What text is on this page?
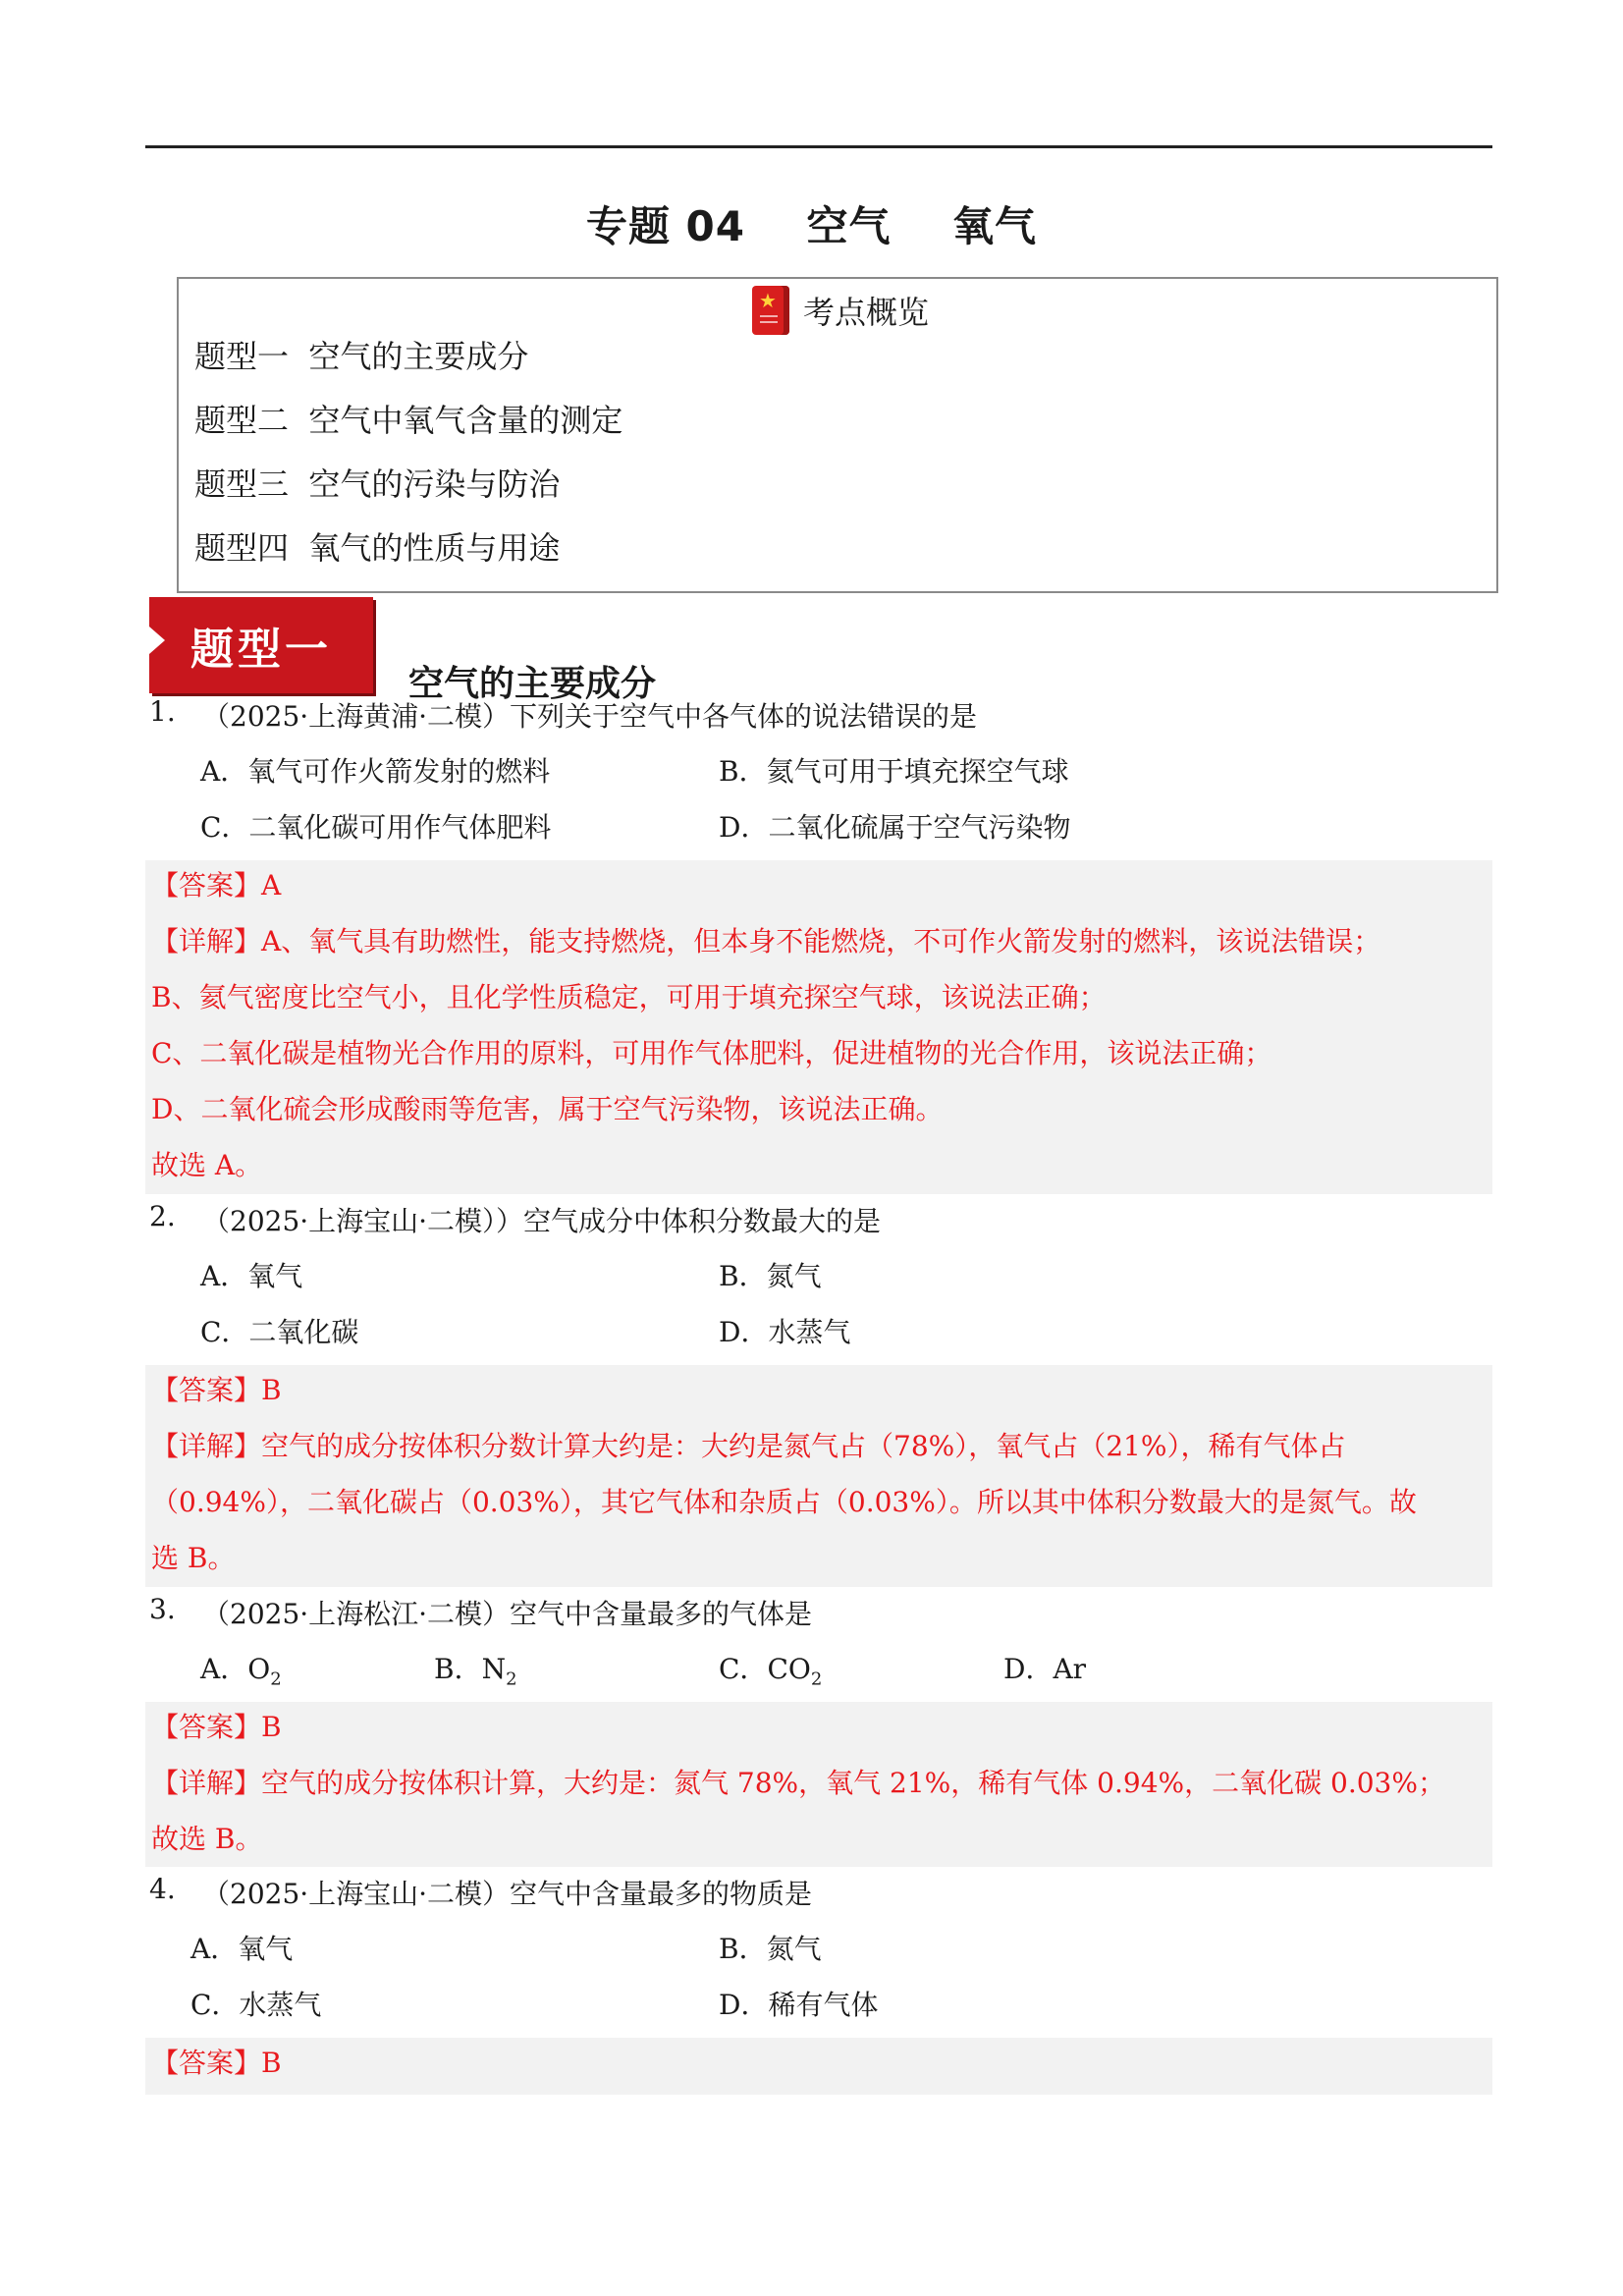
专题 04 空气 氧气
★ 考点概览
题型一  空气的主要成分
题型二  空气中氧气含量的测定
题型三  空气的污染与防治
题型四  氧气的性质与用途
题型一
空气的主要成分
1. （2025·上海黄浦·二模）下列关于空气中各气体的说法错误的是
A．氧气可作火箭发射的燃料	B．氦气可用于填充探空气球
C．二氧化碳可用作气体肥料	D．二氧化硫属于空气污染物
【答案】A
【详解】A、氧气具有助燃性，能支持燃烧，但本身不能燃烧，不可作火箭发射的燃料，该说法错误；
B、氦气密度比空气小，且化学性质稳定，可用于填充探空气球，该说法正确；
C、二氧化碳是植物光合作用的原料，可用作气体肥料，促进植物的光合作用，该说法正确；
D、二氧化硫会形成酸雨等危害，属于空气污染物，该说法正确。
故选 A。
2. （2025·上海宝山·二模））空气成分中体积分数最大的是
A．氧气	B．氮气
C．二氧化碳	D．水蒸气
【答案】B
【详解】空气的成分按体积分数计算大约是：大约是氮气占（78%），氧气占（21%），稀有气体占
（0.94%），二氧化碳占（0.03%），其它气体和杂质占（0.03%）。所以其中体积分数最大的是氮气。故
选 B。
3. （2025·上海松江·二模）空气中含量最多的气体是
A．$O_2$	B．$N_2$	C．$CO_2$	D．Ar
【答案】B
【详解】空气的成分按体积计算，大约是：氮气 78%，氧气 21%，稀有气体 0.94%，二氧化碳 0.03%；
故选 B。
4. （2025·上海宝山·二模）空气中含量最多的物质是
A．氧气	B．氮气
C．水蒸气	D．稀有气体
【答案】B
